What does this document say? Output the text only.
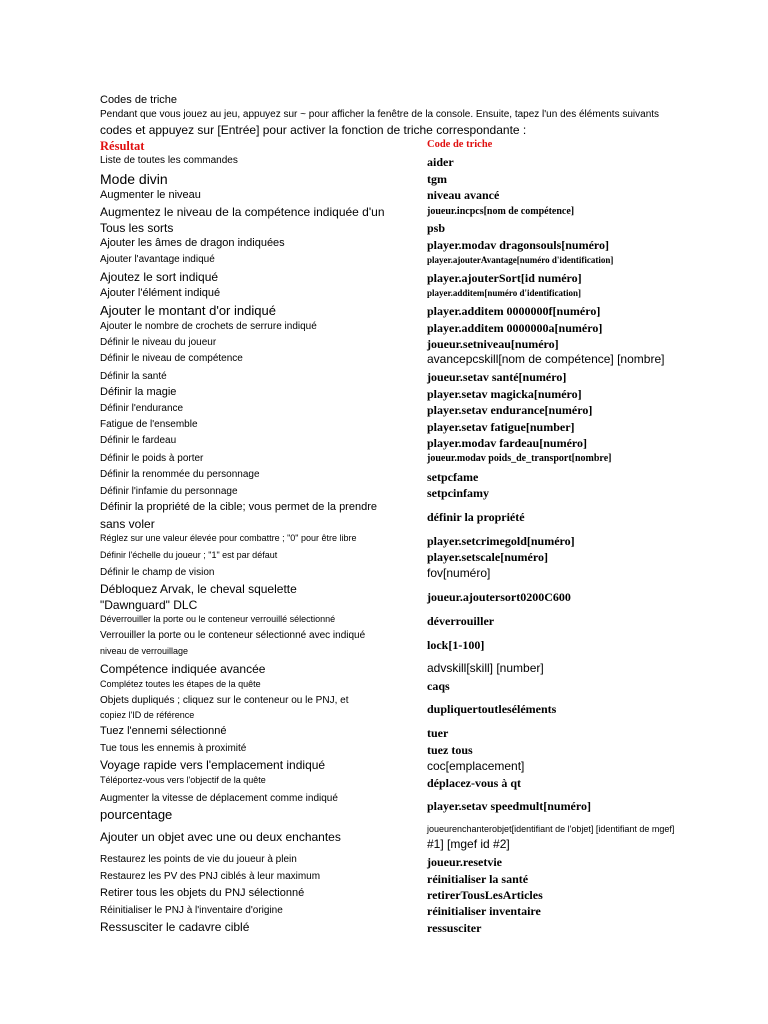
Codes de triche
Pendant que vous jouez au jeu, appuyez sur ~ pour afficher la fenêtre de la console. Ensuite, tapez l'un des éléments suivants
codes et appuyez sur [Entrée] pour activer la fonction de triche correspondante :
Résultat	Code de triche
Liste de toutes les commandes
Mode divin
Augmenter le niveau
Augmentez le niveau de la compétence indiquée d'un
Tous les sorts
Ajouter les âmes de dragon indiquées
Ajouter l'avantage indiqué
Ajoutez le sort indiqué
Ajouter l'élément indiqué
Ajouter le montant d'or indiqué
Ajouter le nombre de crochets de serrure indiqué
Définir le niveau du joueur
Définir le niveau de compétence
Définir la santé
Définir la magie
Définir l'endurance
Fatigue de l'ensemble
Définir le fardeau
Définir le poids à porter
Définir la renommée du personnage
Définir l'infamie du personnage
Définir la propriété de la cible; vous permet de la prendre
sans voler
Réglez sur une valeur élevée pour combattre ; "0" pour être libre
Définir l'échelle du joueur ; "1" est par défaut
Définir le champ de vision
Débloquez Arvak, le cheval squelette
"Dawnguard" DLC
Déverrouiller la porte ou le conteneur verrouillé sélectionné
Verrouiller la porte ou le conteneur sélectionné avec indiqué
niveau de verrouillage
Compétence indiquée avancée
Complétez toutes les étapes de la quête
Objets dupliqués ; cliquez sur le conteneur ou le PNJ, et
copiez l'ID de référence
Tuez l'ennemi sélectionné
Tue tous les ennemis à proximité
Voyage rapide vers l'emplacement indiqué
Téléportez-vous vers l'objectif de la quête
Augmenter la vitesse de déplacement comme indiqué
pourcentage
Ajouter un objet avec une ou deux enchantes
Restaurez les points de vie du joueur à plein
Restaurez les PV des PNJ ciblés à leur maximum
Retirer tous les objets du PNJ sélectionné
Réinitialiser le PNJ à l'inventaire d'origine
Ressusciter le cadavre ciblé
aider
tgm
niveau avancé
joueur.incpcs[nom de compétence]
psb
player.modav dragonsouls[numéro]
player.ajouterAvantage[numéro d'identification]
player.ajouterSort[id numéro]
player.additem[numéro d'identification]
player.additem 0000000f[numéro]
player.additem 0000000a[numéro]
joueur.setniveau[numéro]
avancepcskill[nom de compétence] [nombre]
joueur.setav santé[numéro]
player.setav magicka[numéro]
player.setav endurance[numéro]
player.setav fatigue[number]
player.modav fardeau[numéro]
joueur.modav poids_de_transport[nombre]
setpcfame
setpcinfamy
définir la propriété
player.setcrimegold[numéro]
player.setscale[numéro]
fov[numéro]
joueur.ajoutersort0200C600
déverrouiller
lock[1-100]
advskill[skill] [number]
caqs
dupliquertoutleséléments
tuer
tuez tous
coc[emplacement]
déplacez-vous à qt
player.setav speedmult[numéro]
joueurenchanterobjet[identifiant de l'objet] [identifiant de mgef]
#1] [mgef id #2]
joueur.resetvie
réinitialiser la santé
retirerTousLesArticles
réinitialiser inventaire
ressusciter
